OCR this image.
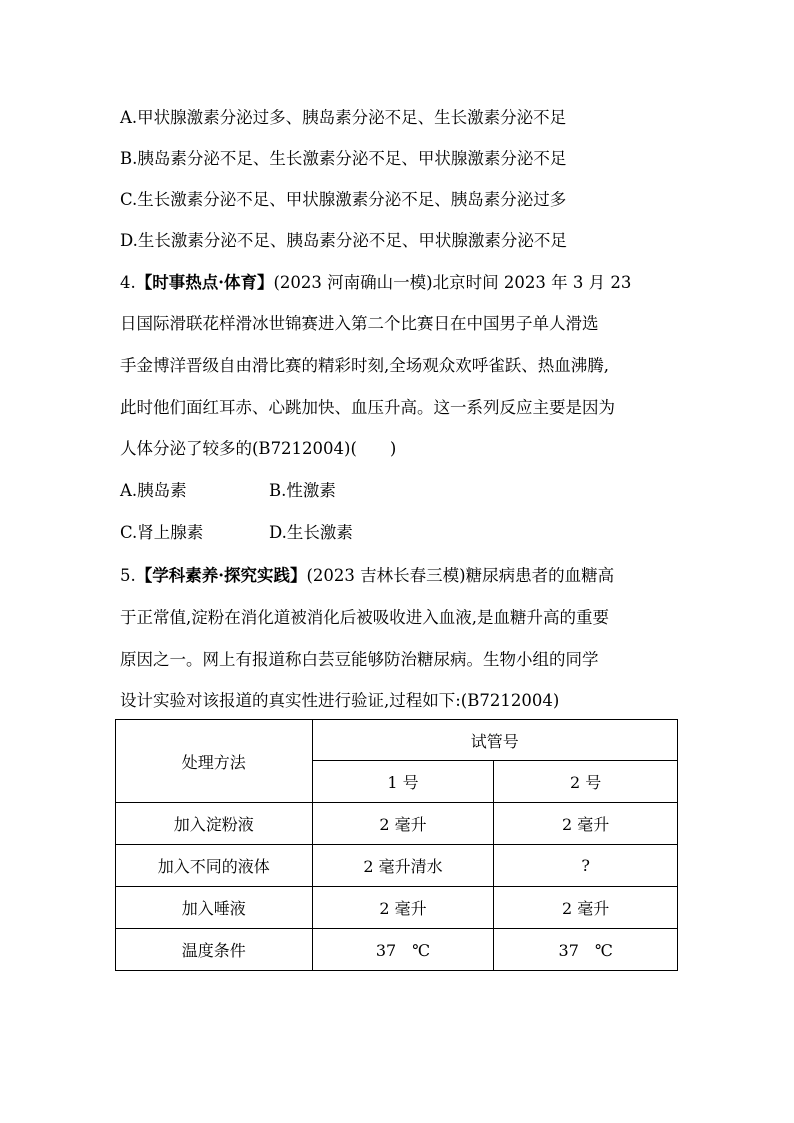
A.甲状腺激素分泌过多、胰岛素分泌不足、生长激素分泌不足
B.胰岛素分泌不足、生长激素分泌不足、甲状腺激素分泌不足
C.生长激素分泌不足、甲状腺激素分泌不足、胰岛素分泌过多
D.生长激素分泌不足、胰岛素分泌不足、甲状腺激素分泌不足
4.【时事热点·体育】(2023 河南确山一模)北京时间 2023 年 3 月 23
日国际滑联花样滑冰世锦赛进入第二个比赛日在中国男子单人滑选
手金博洋晋级自由滑比赛的精彩时刻,全场观众欢呼雀跃、热血沸腾,
此时他们面红耳赤、心跳加快、血压升高。这一系列反应主要是因为
人体分泌了较多的(B7212004)(　　)
A.胰岛素	B.性激素
C.肾上腺素	D.生长激素
5.【学科素养·探究实践】(2023 吉林长春三模)糖尿病患者的血糖高
于正常值,淀粉在消化道被消化后被吸收进入血液,是血糖升高的重要
原因之一。网上有报道称白芸豆能够防治糖尿病。生物小组的同学
设计实验对该报道的真实性进行验证,过程如下:(B7212004)
处理方法	试管号	
	1 号	2 号
加入淀粉液	2 毫升	2 毫升
加入不同的液体	2 毫升清水	?
加入唾液	2 毫升	2 毫升
温度条件	37　℃	37　℃
